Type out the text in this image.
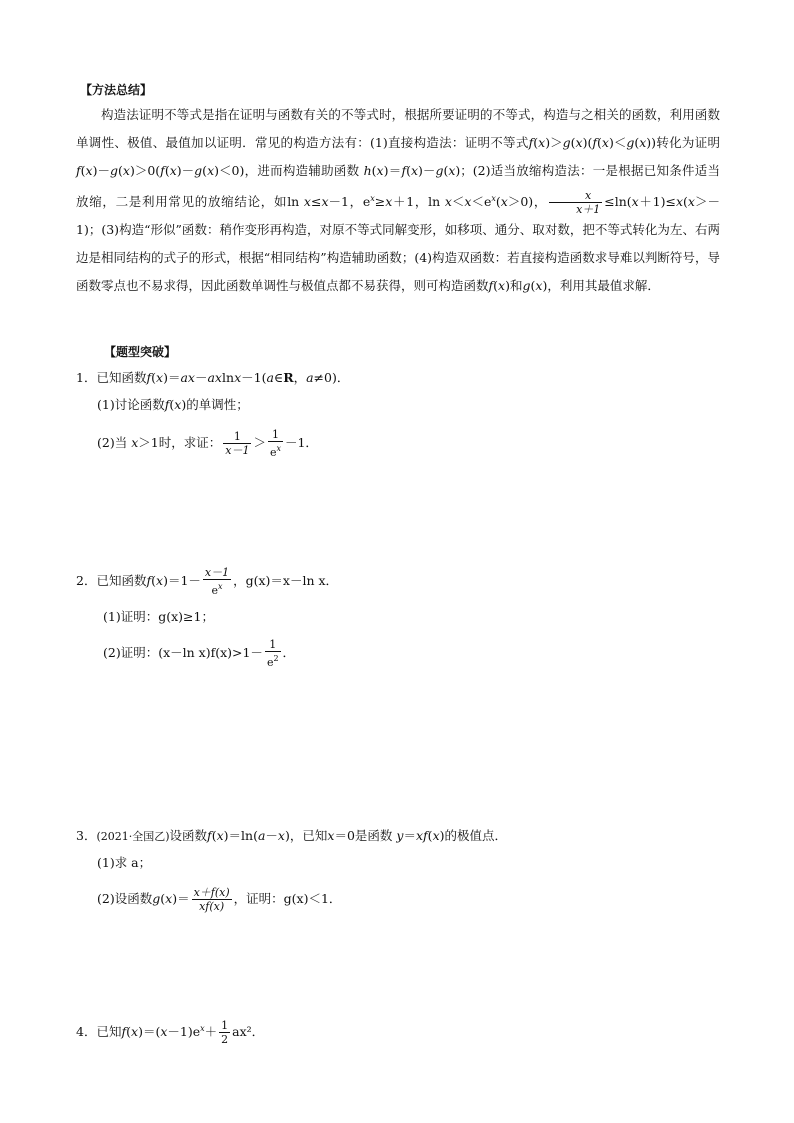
【方法总结】
构造法证明不等式是指在证明与函数有关的不等式时，根据所要证明的不等式，构造与之相关的函数，利用函数单调性、极值、最值加以证明．常见的构造方法有：(1)直接构造法：证明不等式f(x)＞g(x)(f(x)＜g(x))转化为证明f(x)－g(x)＞0(f(x)－g(x)＜0)，进而构造辅助函数 h(x)＝f(x)－g(x)；(2)适当放缩构造法：一是根据已知条件适当放缩，二是利用常见的放缩结论，如ln x≤x－1，$e^x\ge x+1$，$\ln x<x<e^x(x>0)$， $\frac{x}{x+1} \le\ln(x+1)\le x(x>-1)$；(3)构造“形似”函数：稍作变形再构造，对原不等式同解变形，如移项、通分、取对数，把不等式转化为左、右两边是相同结构的式子的形式，根据“相同结构”构造辅助函数；(4)构造双函数：若直接构造函数求导难以判断符号，导函数零点也不易求得，因此函数单调性与极值点都不易获得，则可构造函数f(x)和g(x)，利用其最值求解．
【题型突破】
1．已知函数f(x)＝ax－axlnx－1(a∈R，a≠0)．
(1)讨论函数f(x)的单调性；
(2)当 x＞1时，求证： $\frac{1}{x-1} > \frac{1}{e^x} -1$．
2．已知函数$f(x)=1- \frac{x-1}{e^x}$ ，g(x)＝x－ln x．
(1)证明：g(x)≥1；
(2)证明：(x－ln $x)f(x)>1- \frac{1}{e^2}$ ．
3．(2021·全国乙)设函数f(x)＝ln(a－x)，已知x＝0是函数 y＝xf(x)的极值点．
(1)求 a；
(2)设函数$g(x)= \frac{x+f(x)}{xf(x)}$ ，证明：g(x)＜1．
4．已知$f(x)=(x-1)e^x+ \frac{1}{2} ax^2$．
